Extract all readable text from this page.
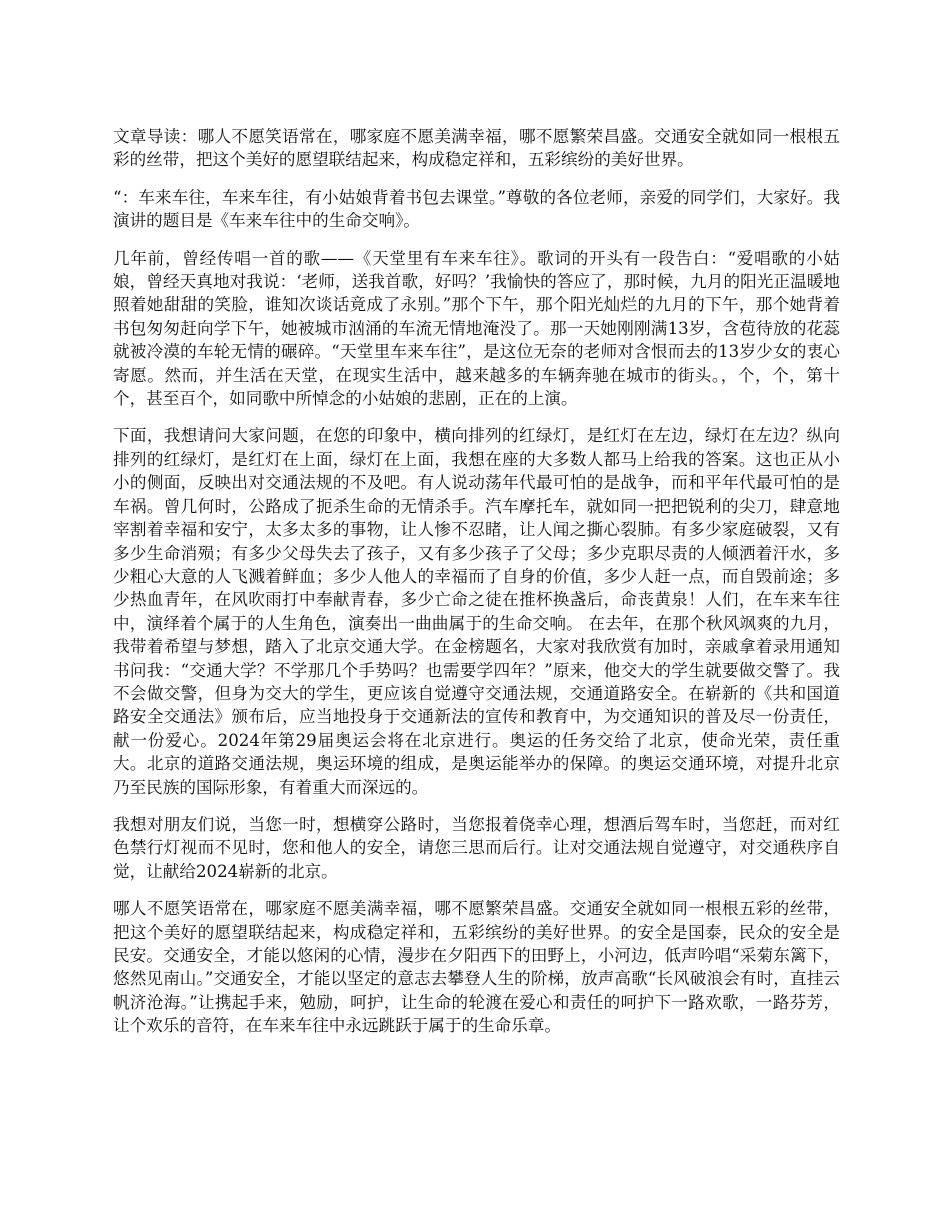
文章导读：哪人不愿笑语常在，哪家庭不愿美满幸福，哪不愿繁荣昌盛。交通安全就如同一根根五彩的丝带，把这个美好的愿望联结起来，构成稳定祥和，五彩缤纷的美好世界。

“：车来车往，车来车往，有小姑娘背着书包去课堂。”尊敬的各位老师，亲爱的同学们，大家好。我演讲的题目是《车来车往中的生命交响》。

几年前，曾经传唱一首的歌——《天堂里有车来车往》。歌词的开头有一段告白：“爱唱歌的小姑娘，曾经天真地对我说：‘老师，送我首歌，好吗？’我愉快的答应了，那时候，九月的阳光正温暖地照着她甜甜的笑脸，谁知次谈话竟成了永别。”那个下午，那个阳光灿烂的九月的下午，那个她背着书包匆匆赶向学下午，她被城市汹涌的车流无情地淹没了。那一天她刚刚满13岁，含苞待放的花蕊就被冷漠的车轮无情的碾碎。“天堂里车来车往”，是这位无奈的老师对含恨而去的13岁少女的衷心寄愿。然而，并生活在天堂，在现实生活中，越来越多的车辆奔驰在城市的街头。，个，个，第十个，甚至百个，如同歌中所悼念的小姑娘的悲剧，正在的上演。

下面，我想请问大家问题，在您的印象中，横向排列的红绿灯，是红灯在左边，绿灯在左边？纵向排列的红绿灯，是红灯在上面，绿灯在上面，我想在座的大多数人都马上给我的答案。这也正从小小的侧面，反映出对交通法规的不及吧。有人说动荡年代最可怕的是战争，而和平年代最可怕的是车祸。曾几何时，公路成了扼杀生命的无情杀手。汽车摩托车，就如同一把把锐利的尖刀，肆意地宰割着幸福和安宁，太多太多的事物，让人惨不忍睹，让人闻之撕心裂肺。有多少家庭破裂，又有多少生命消殒；有多少父母失去了孩子，又有多少孩子了父母；多少克职尽责的人倾洒着汗水，多少粗心大意的人飞溅着鲜血；多少人他人的幸福而了自身的价值，多少人赶一点，而自毁前途；多少热血青年，在风吹雨打中奉献青春，多少亡命之徒在推杯换盏后，命丧黄泉！人们，在车来车往中，演绎着个属于的人生角色，演奏出一曲曲属于的生命交响。 在去年，在那个秋风飒爽的九月，我带着希望与梦想，踏入了北京交通大学。在金榜题名，大家对我欣赏有加时，亲戚拿着录用通知书问我：“交通大学？不学那几个手势吗？也需要学四年？”原来，他交大的学生就要做交警了。我不会做交警，但身为交大的学生，更应该自觉遵守交通法规，交通道路安全。在崭新的《共和国道路安全交通法》颁布后，应当地投身于交通新法的宣传和教育中，为交通知识的普及尽一份责任，献一份爱心。2024年第29届奥运会将在北京进行。奥运的任务交给了北京，使命光荣，责任重大。北京的道路交通法规，奥运环境的组成，是奥运能举办的保障。的奥运交通环境，对提升北京乃至民族的国际形象，有着重大而深远的。

我想对朋友们说，当您一时，想横穿公路时，当您报着侥幸心理，想酒后驾车时，当您赶，而对红色禁行灯视而不见时，您和他人的安全，请您三思而后行。让对交通法规自觉遵守，对交通秩序自觉，让献给2024崭新的北京。

哪人不愿笑语常在，哪家庭不愿美满幸福，哪不愿繁荣昌盛。交通安全就如同一根根五彩的丝带，把这个美好的愿望联结起来，构成稳定祥和，五彩缤纷的美好世界。的安全是国泰，民众的安全是民安。交通安全，才能以悠闲的心情，漫步在夕阳西下的田野上，小河边，低声吟唱“采菊东篱下，悠然见南山。”交通安全，才能以坚定的意志去攀登人生的阶梯，放声高歌“长风破浪会有时，直挂云帆济沧海。”让携起手来，勉励，呵护，让生命的轮渡在爱心和责任的呵护下一路欢歌，一路芬芳，让个欢乐的音符，在车来车往中永远跳跃于属于的生命乐章。
